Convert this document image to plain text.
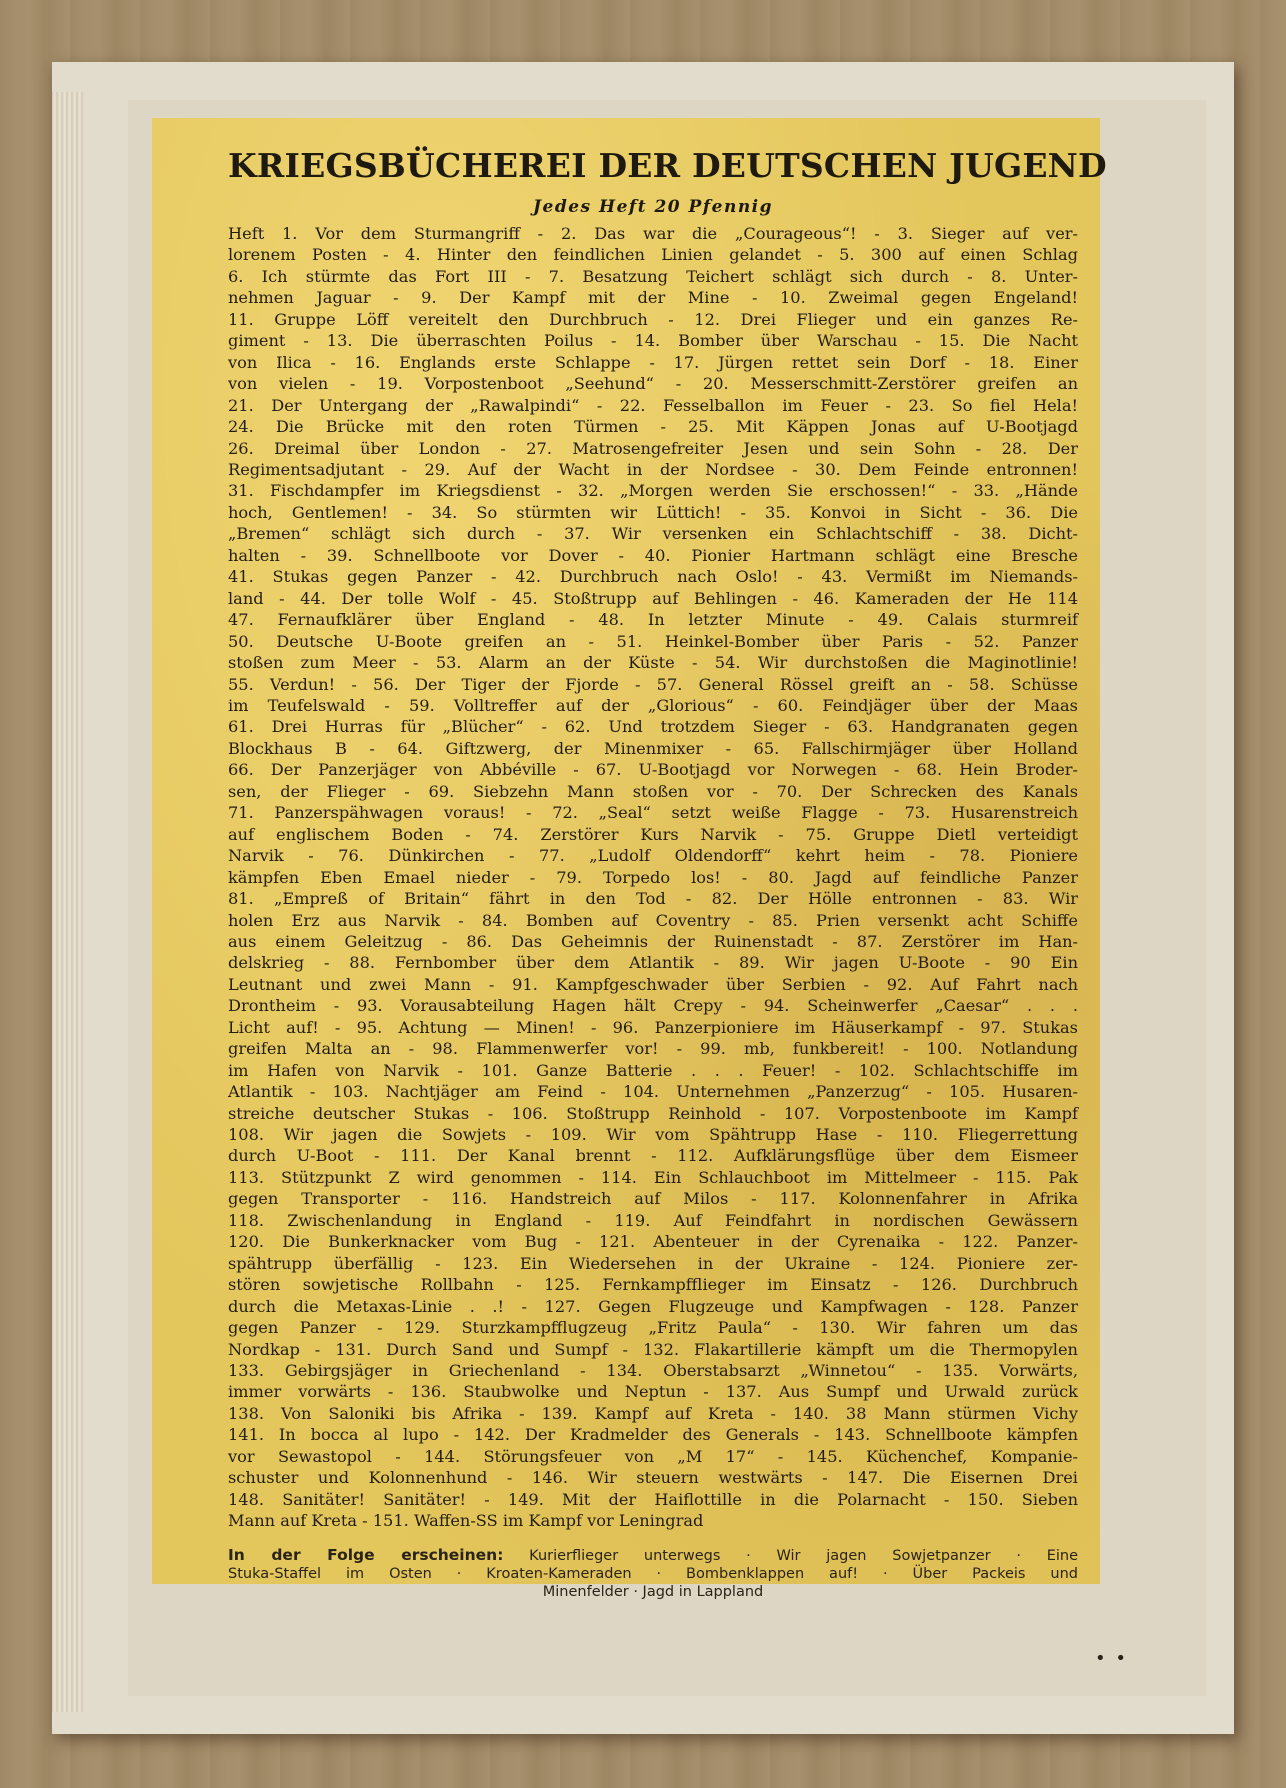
KRIEGSBÜCHEREI DER DEUTSCHEN JUGEND
Jedes Heft 20 Pfennig
Heft 1. Vor dem Sturmangriff - 2. Das war die „Courageous“! - 3. Sieger auf ver-
lorenem Posten - 4. Hinter den feindlichen Linien gelandet - 5. 300 auf einen Schlag
6. Ich stürmte das Fort III - 7. Besatzung Teichert schlägt sich durch - 8. Unter-
nehmen Jaguar - 9. Der Kampf mit der Mine - 10. Zweimal gegen Engeland!
11. Gruppe Löff vereitelt den Durchbruch - 12. Drei Flieger und ein ganzes Re-
giment - 13. Die überraschten Poilus - 14. Bomber über Warschau - 15. Die Nacht
von Ilica - 16. Englands erste Schlappe - 17. Jürgen rettet sein Dorf - 18. Einer
von vielen - 19. Vorpostenboot „Seehund“ - 20. Messerschmitt-Zerstörer greifen an
21. Der Untergang der „Rawalpindi“ - 22. Fesselballon im Feuer - 23. So fiel Hela!
24. Die Brücke mit den roten Türmen - 25. Mit Käppen Jonas auf U-Bootjagd
26. Dreimal über London - 27. Matrosengefreiter Jesen und sein Sohn - 28. Der
Regimentsadjutant - 29. Auf der Wacht in der Nordsee - 30. Dem Feinde entronnen!
31. Fischdampfer im Kriegsdienst - 32. „Morgen werden Sie erschossen!“ - 33. „Hände
hoch, Gentlemen! - 34. So stürmten wir Lüttich! - 35. Konvoi in Sicht - 36. Die
„Bremen“ schlägt sich durch - 37. Wir versenken ein Schlachtschiff - 38. Dicht-
halten - 39. Schnellboote vor Dover - 40. Pionier Hartmann schlägt eine Bresche
41. Stukas gegen Panzer - 42. Durchbruch nach Oslo! - 43. Vermißt im Niemands-
land - 44. Der tolle Wolf - 45. Stoßtrupp auf Behlingen - 46. Kameraden der He 114
47. Fernaufklärer über England - 48. In letzter Minute - 49. Calais sturmreif
50. Deutsche U-Boote greifen an - 51. Heinkel-Bomber über Paris - 52. Panzer
stoßen zum Meer - 53. Alarm an der Küste - 54. Wir durchstoßen die Maginotlinie!
55. Verdun! - 56. Der Tiger der Fjorde - 57. General Rössel greift an - 58. Schüsse
im Teufelswald - 59. Volltreffer auf der „Glorious“ - 60. Feindjäger über der Maas
61. Drei Hurras für „Blücher“ - 62. Und trotzdem Sieger - 63. Handgranaten gegen
Blockhaus B - 64. Giftzwerg, der Minenmixer - 65. Fallschirmjäger über Holland
66. Der Panzerjäger von Abbéville - 67. U-Bootjagd vor Norwegen - 68. Hein Broder-
sen, der Flieger - 69. Siebzehn Mann stoßen vor - 70. Der Schrecken des Kanals
71. Panzerspähwagen voraus! - 72. „Seal“ setzt weiße Flagge - 73. Husarenstreich
auf englischem Boden - 74. Zerstörer Kurs Narvik - 75. Gruppe Dietl verteidigt
Narvik - 76. Dünkirchen - 77. „Ludolf Oldendorff“ kehrt heim - 78. Pioniere
kämpfen Eben Emael nieder - 79. Torpedo los! - 80. Jagd auf feindliche Panzer
81. „Empreß of Britain“ fährt in den Tod - 82. Der Hölle entronnen - 83. Wir
holen Erz aus Narvik - 84. Bomben auf Coventry - 85. Prien versenkt acht Schiffe
aus einem Geleitzug - 86. Das Geheimnis der Ruinenstadt - 87. Zerstörer im Han-
delskrieg - 88. Fernbomber über dem Atlantik - 89. Wir jagen U-Boote - 90 Ein
Leutnant und zwei Mann - 91. Kampfgeschwader über Serbien - 92. Auf Fahrt nach
Drontheim - 93. Vorausabteilung Hagen hält Crepy - 94. Scheinwerfer „Caesar“ . . .
Licht auf! - 95. Achtung — Minen! - 96. Panzerpioniere im Häuserkampf - 97. Stukas
greifen Malta an - 98. Flammenwerfer vor! - 99. mb, funkbereit! - 100. Notlandung
im Hafen von Narvik - 101. Ganze Batterie . . . Feuer! - 102. Schlachtschiffe im
Atlantik - 103. Nachtjäger am Feind - 104. Unternehmen „Panzerzug“ - 105. Husaren-
streiche deutscher Stukas - 106. Stoßtrupp Reinhold - 107. Vorpostenboote im Kampf
108. Wir jagen die Sowjets - 109. Wir vom Spähtrupp Hase - 110. Fliegerrettung
durch U-Boot - 111. Der Kanal brennt - 112. Aufklärungsflüge über dem Eismeer
113. Stützpunkt Z wird genommen - 114. Ein Schlauchboot im Mittelmeer - 115. Pak
gegen Transporter - 116. Handstreich auf Milos - 117. Kolonnenfahrer in Afrika
118. Zwischenlandung in England - 119. Auf Feindfahrt in nordischen Gewässern
120. Die Bunkerknacker vom Bug - 121. Abenteuer in der Cyrenaika - 122. Panzer-
spähtrupp überfällig - 123. Ein Wiedersehen in der Ukraine - 124. Pioniere zer-
stören sowjetische Rollbahn - 125. Fernkampfflieger im Einsatz - 126. Durchbruch
durch die Metaxas-Linie . .! - 127. Gegen Flugzeuge und Kampfwagen - 128. Panzer
gegen Panzer - 129. Sturzkampfflugzeug „Fritz Paula“ - 130. Wir fahren um das
Nordkap - 131. Durch Sand und Sumpf - 132. Flakartillerie kämpft um die Thermopylen
133. Gebirgsjäger in Griechenland - 134. Oberstabsarzt „Winnetou“ - 135. Vorwärts,
immer vorwärts - 136. Staubwolke und Neptun - 137. Aus Sumpf und Urwald zurück
138. Von Saloniki bis Afrika - 139. Kampf auf Kreta - 140. 38 Mann stürmen Vichy
141. In bocca al lupo - 142. Der Kradmelder des Generals - 143. Schnellboote kämpfen
vor Sewastopol - 144. Störungsfeuer von „M 17“ - 145. Küchenchef, Kompanie-
schuster und Kolonnenhund - 146. Wir steuern westwärts - 147. Die Eisernen Drei
148. Sanitäter! Sanitäter! - 149. Mit der Haiflottille in die Polarnacht - 150. Sieben
Mann auf Kreta - 151. Waffen-SS im Kampf vor Leningrad
In der Folge erscheinen: Kurierflieger unterwegs · Wir jagen Sowjetpanzer · Eine
Stuka-Staffel im Osten · Kroaten-Kameraden · Bombenklappen auf! · Über Packeis und
Minenfelder · Jagd in Lappland
• •
